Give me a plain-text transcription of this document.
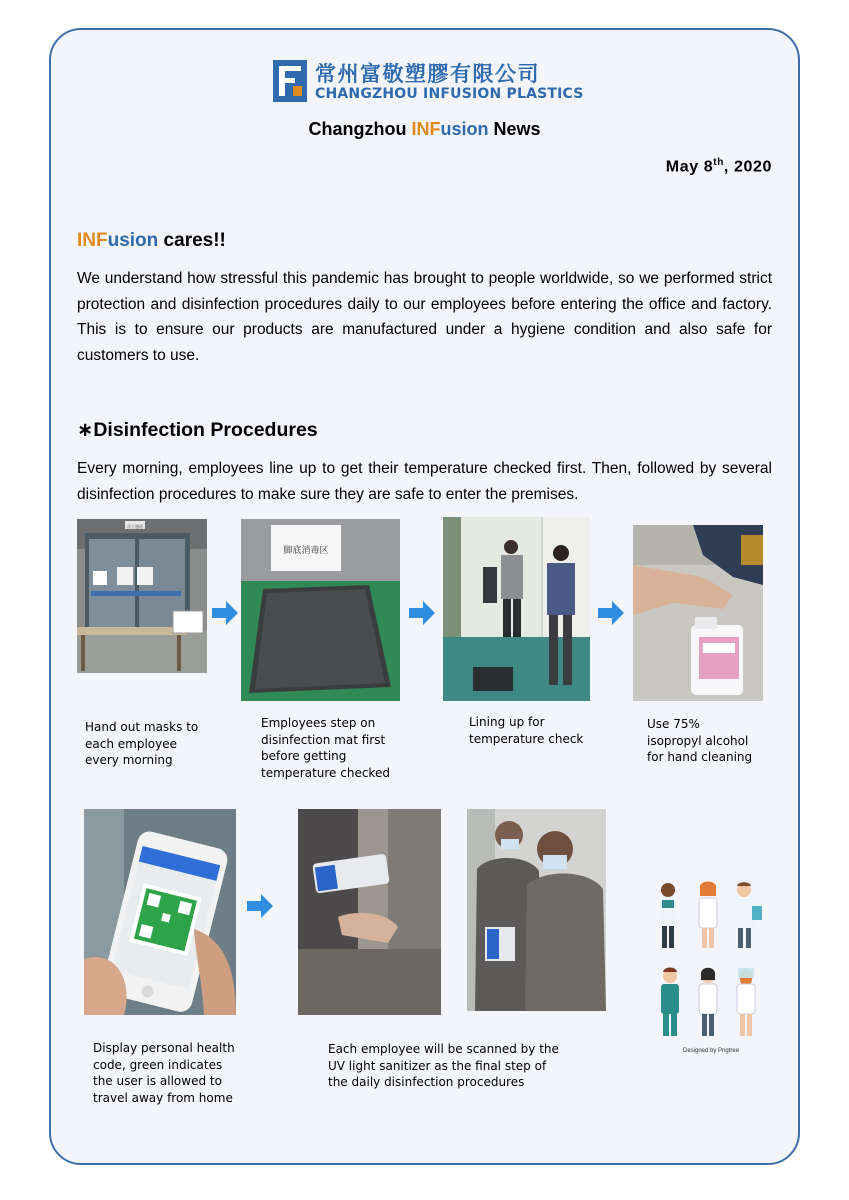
常州富敬塑膠有限公司
CHANGZHOU INFUSION PLASTICS
Changzhou INFusion News
May 8th, 2020
INFusion cares!!

We understand how stressful this pandemic has brought to people worldwide, so we performed strict protection and disinfection procedures daily to our employees before entering the office and factory. This is to ensure our products are manufactured under a hygiene condition and also safe for customers to use.

∗Disinfection Procedures

Every morning, employees line up to get their temperature checked first. Then, followed by several disinfection procedures to make sure they are safe to enter the premises.

员工通道
脚底消毒区
Hand out masks to
each employee
every morning
Employees step on
disinfection mat first
before getting
temperature checked
Lining up for
temperature check
Use 75%
isopropyl alcohol
for hand cleaning
Designed by Pngtree
Display personal health
code, green indicates
the user is allowed to
travel away from home
Each employee will be scanned by the
UV light sanitizer as the final step of
the daily disinfection procedures
